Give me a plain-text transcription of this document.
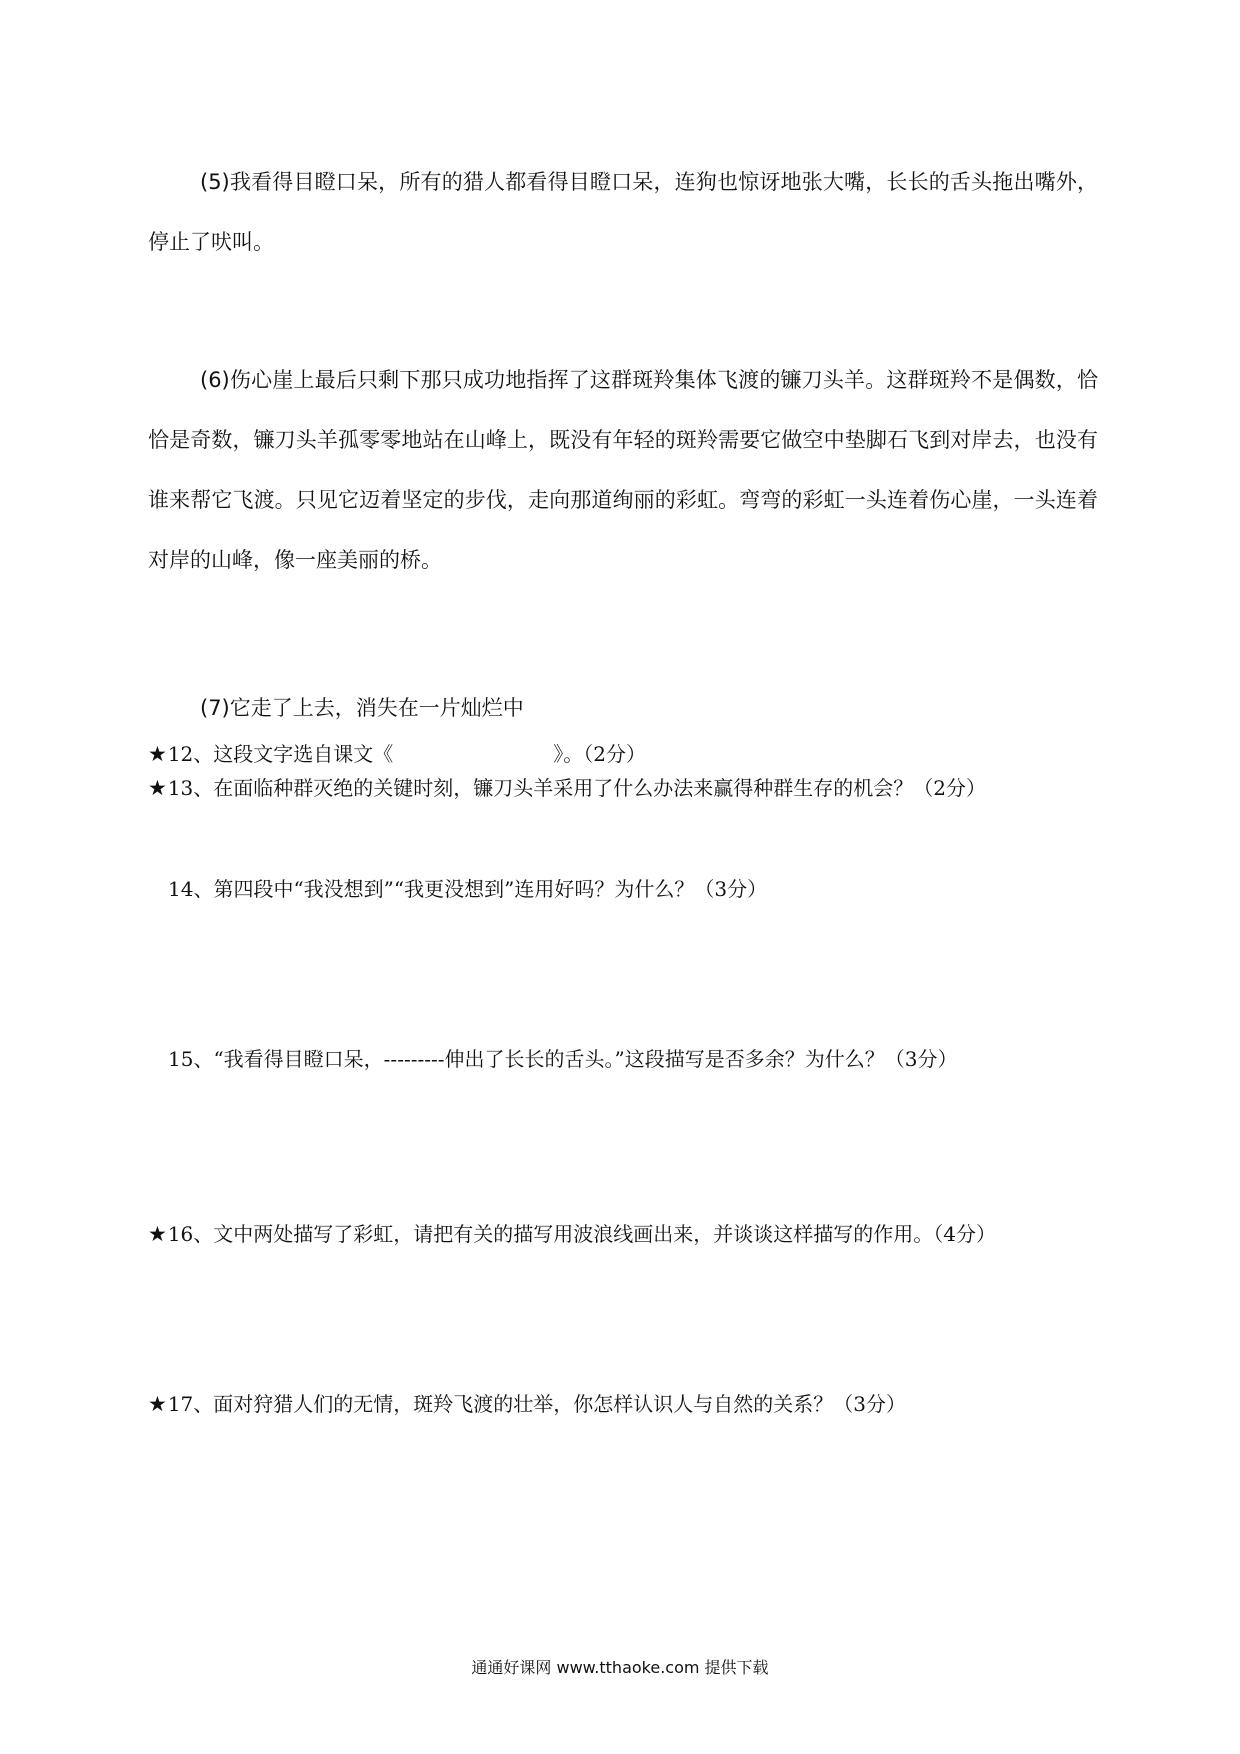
(5)我看得目瞪口呆，所有的猎人都看得目瞪口呆，连狗也惊讶地张大嘴，长长的舌头拖出嘴外，停止了吠叫。

(6)伤心崖上最后只剩下那只成功地指挥了这群斑羚集体飞渡的镰刀头羊。这群斑羚不是偶数，恰恰是奇数，镰刀头羊孤零零地站在山峰上，既没有年轻的斑羚需要它做空中垫脚石飞到对岸去，也没有谁来帮它飞渡。只见它迈着坚定的步伐，走向那道绚丽的彩虹。弯弯的彩虹一头连着伤心崖，一头连着对岸的山峰，像一座美丽的桥。

(7)它走了上去，消失在一片灿烂中

★12、这段文字选自课文《	》。（2分）

★13、在面临种群灭绝的关键时刻，镰刀头羊采用了什么办法来赢得种群生存的机会？（2分）

14、第四段中“我没想到”“我更没想到”连用好吗？为什么？（3分）

15、“我看得目瞪口呆，---------伸出了长长的舌头。”这段描写是否多余？为什么？（3分）

★16、文中两处描写了彩虹，请把有关的描写用波浪线画出来，并谈谈这样描写的作用。（4分）

★17、面对狩猎人们的无情，斑羚飞渡的壮举，你怎样认识人与自然的关系？（3分）

通通好课网 www.tthaoke.com 提供下载
